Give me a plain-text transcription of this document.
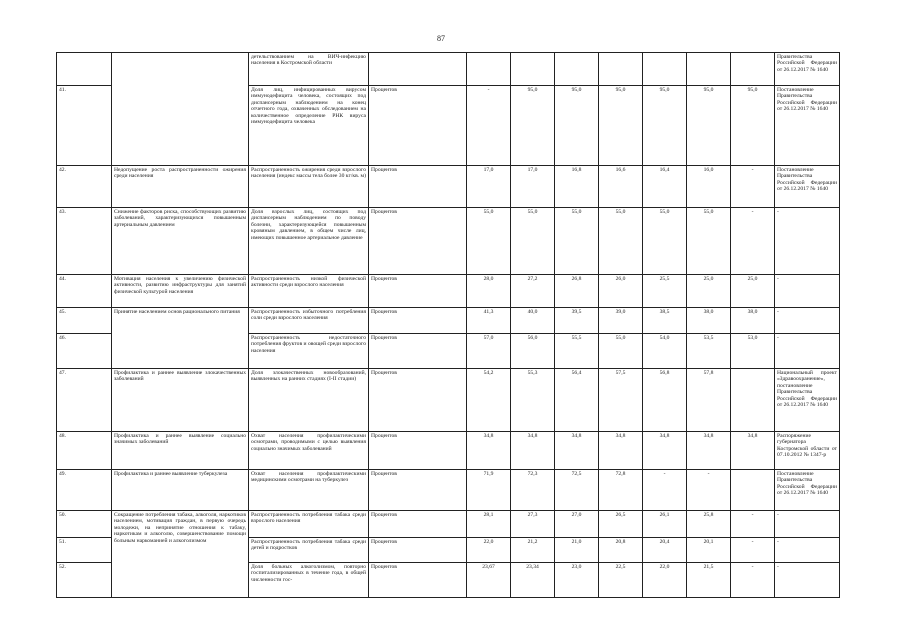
87
		детельствованием на ВИЧ-инфекцию населения в Костромской области									Правительства Российской Федерации от 26.12.2017 № 1640
41.		Доля лиц, инфицированных вирусом иммунодефицита человека, состоящих под диспансерным наблюдением на конец отчетного года, охваченных обследованием на количественное определение РНК вируса иммунодефицита человека	Процентов	-	95,0	95,0	95,0	95,0	95,0	95,0	Постановление Правительства Российской Федерации от 26.12.2017 № 1640
42.	Недопущение роста распространенности ожирения среди населения	Распространенность ожирения среди взрослого населения (индекс массы тела более 30 кг/кв. м)	Процентов	17,0	17,0	16,8	16,6	16,4	16,0	-	Постановление Правительства Российской Федерации от 26.12.2017 № 1640
43.	Снижение факторов риска, способствующих развитию заболеваний, характеризующихся повышенным артериальным давлением	Доля взрослых лиц, состоящих под диспансерным наблюдением по поводу болезни, характеризующейся повышенным кровяным давлением, в общем числе лиц, имеющих повышенное артериальное давление	Процентов	55,0	55,0	55,0	55,0	55,0	55,0	-	-
44.	Мотивация населения к увеличению физической активности, развитию инфраструктуры для занятий физической культурой населения	Распространенность низкой физической активности среди взрослого населения	Процентов	28,0	27,2	26,8	26,0	25,5	25,0	25,0	-
45.	Принятие населением основ рационального питания	Распространенность избыточного потребления соли среди взрослого населения	Процентов	41,3	40,0	39,5	39,0	38,5	38,0	38,0	-
46.		Распространенность недостаточного потребления фруктов и овощей среди взрослого населения	Процентов	57,0	56,0	55,5	55,0	54,0	53,5	53,0	-
47.	Профилактика и раннее выявление злокачественных заболеваний	Доля злокачественных новообразований, выявленных на ранних стадиях (I-II стадии)	Процентов	54,2	55,3	56,4	57,5	56,8	57,8		Национальный проект «Здравоохранение», постановление Правительства Российской Федерации от 26.12.2017 № 1640
48.	Профилактика и раннее выявление социально значимых заболеваний	Охват населения профилактическими осмотрами, проводимыми с целью выявления социально значимых заболеваний	Процентов	34,8	34,8	34,8	34,8	34,8	34,8	34,8	Распоряжение губернатора Костромской области от 07.10.2012 № 1347-р
49.	Профилактика и раннее выявление туберкулеза	Охват населения профилактическими медицинскими осмотрами на туберкулез	Процентов	71,9	72,3	72,5	72,8	-	-		Постановление Правительства Российской Федерации от 26.12.2017 № 1640
50.	Сокращение потребления табака, алкоголя, наркотиков населением, мотивация граждан, в первую очередь молодежи, на непринятие отношения к табаку, наркотикам и алкоголю, совершенствование помощи больным наркоманией и алкоголизмом	Распространенность потребления табака среди взрослого населения	Процентов	28,1	27,3	27,0	26,5	26,1	25,8	-	-
51.		Распространенность потребления табака среди детей и подростков	Процентов	22,0	21,2	21,0	20,8	20,4	20,1	-	-
52.		Доля больных алкоголизмом, повторно госпитализированных в течение года, в общей численности гос-	Процентов	23,67	23,34	23,0	22,5	22,0	21,5	-	-
